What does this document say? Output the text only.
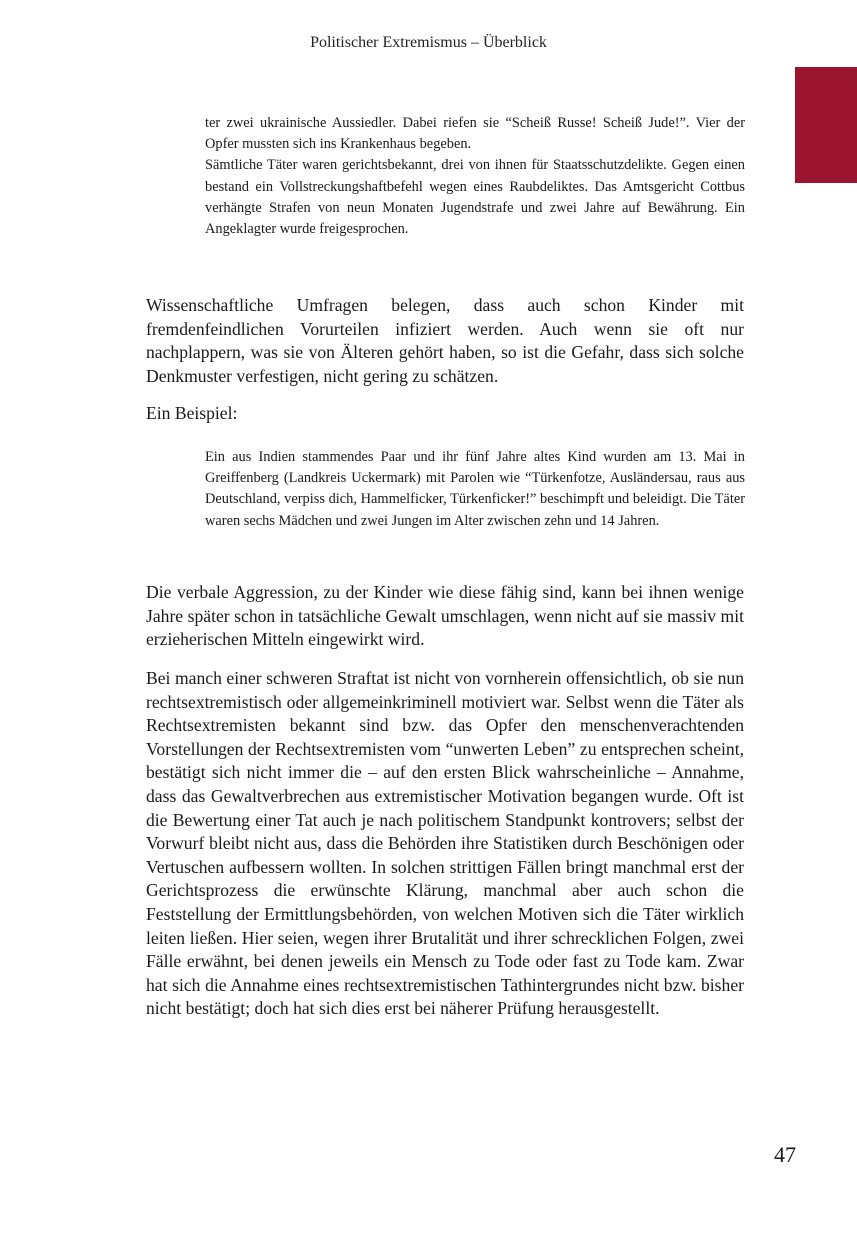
Politischer Extremismus – Überblick

ter zwei ukrainische Aussiedler. Dabei riefen sie “Scheiß Russe! Scheiß Jude!”. Vier der Opfer mussten sich ins Krankenhaus begeben.

Sämtliche Täter waren gerichtsbekannt, drei von ihnen für Staatsschutzdelikte. Gegen einen bestand ein Vollstreckungshaftbefehl wegen eines Raubdeliktes. Das Amtsgericht Cottbus verhängte Strafen von neun Monaten Jugendstrafe und zwei Jahre auf Bewährung. Ein Angeklagter wurde freigesprochen.

Wissenschaftliche Umfragen belegen, dass auch schon Kinder mit fremdenfeindlichen Vorurteilen infiziert werden. Auch wenn sie oft nur nachplappern, was sie von Älteren gehört haben, so ist die Gefahr, dass sich solche Denkmuster verfestigen, nicht gering zu schätzen.

Ein Beispiel:

Ein aus Indien stammendes Paar und ihr fünf Jahre altes Kind wurden am 13. Mai in Greiffenberg (Landkreis Uckermark) mit Parolen wie “Türkenfotze, Ausländersau, raus aus Deutschland, verpiss dich, Hammelficker, Türkenficker!” beschimpft und beleidigt. Die Täter waren sechs Mädchen und zwei Jungen im Alter zwischen zehn und 14 Jahren.

Die verbale Aggression, zu der Kinder wie diese fähig sind, kann bei ihnen wenige Jahre später schon in tatsächliche Gewalt umschlagen, wenn nicht auf sie massiv mit erzieherischen Mitteln eingewirkt wird.

Bei manch einer schweren Straftat ist nicht von vornherein offensichtlich, ob sie nun rechtsextremistisch oder allgemeinkriminell motiviert war. Selbst wenn die Täter als Rechtsextremisten bekannt sind bzw. das Opfer den menschenverachtenden Vorstellungen der Rechtsextremisten vom “unwerten Leben” zu entsprechen scheint, bestätigt sich nicht immer die – auf den ersten Blick wahrscheinliche – Annahme, dass das Gewaltverbrechen aus extremistischer Motivation begangen wurde. Oft ist die Bewertung einer Tat auch je nach politischem Standpunkt kontrovers; selbst der Vorwurf bleibt nicht aus, dass die Behörden ihre Statistiken durch Beschönigen oder Vertuschen aufbessern wollten. In solchen strittigen Fällen bringt manchmal erst der Gerichtsprozess die erwünschte Klärung, manchmal aber auch schon die Feststellung der Ermittlungsbehörden, von welchen Motiven sich die Täter wirklich leiten ließen. Hier seien, wegen ihrer Brutalität und ihrer schrecklichen Folgen, zwei Fälle erwähnt, bei denen jeweils ein Mensch zu Tode oder fast zu Tode kam. Zwar hat sich die Annahme eines rechtsextremistischen Tathintergrundes nicht bzw. bisher nicht bestätigt; doch hat sich dies erst bei näherer Prüfung herausgestellt.

47
